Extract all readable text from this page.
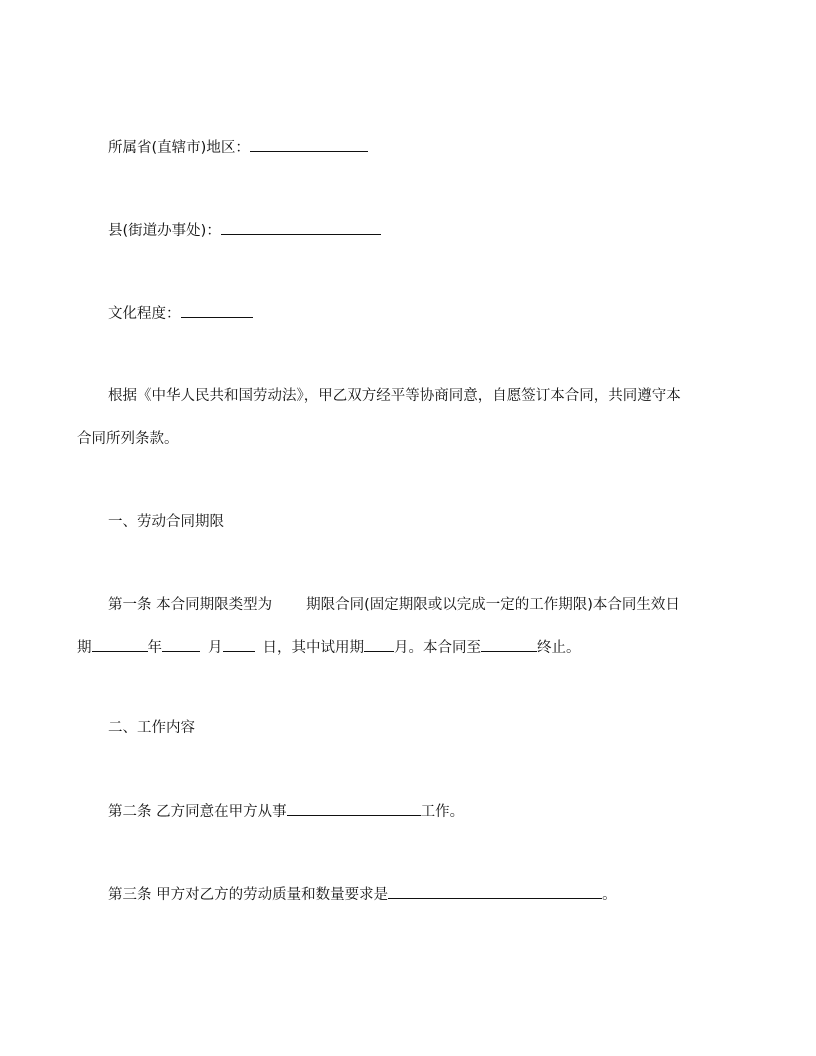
所属省(直辖市)地区：
县(街道办事处)：
文化程度：
根据《中华人民共和国劳动法》，甲乙双方经平等协商同意，自愿签订本合同，共同遵守本
合同所列条款。
一、劳动合同期限
第一条 本合同期限类型为 期限合同(固定期限或以完成一定的工作期限)本合同生效日
期	年	月	日，其中试用期 月。本合同至	终止。
二、工作内容
第二条 乙方同意在甲方从事	工作。
第三条 甲方对乙方的劳动质量和数量要求是	。
